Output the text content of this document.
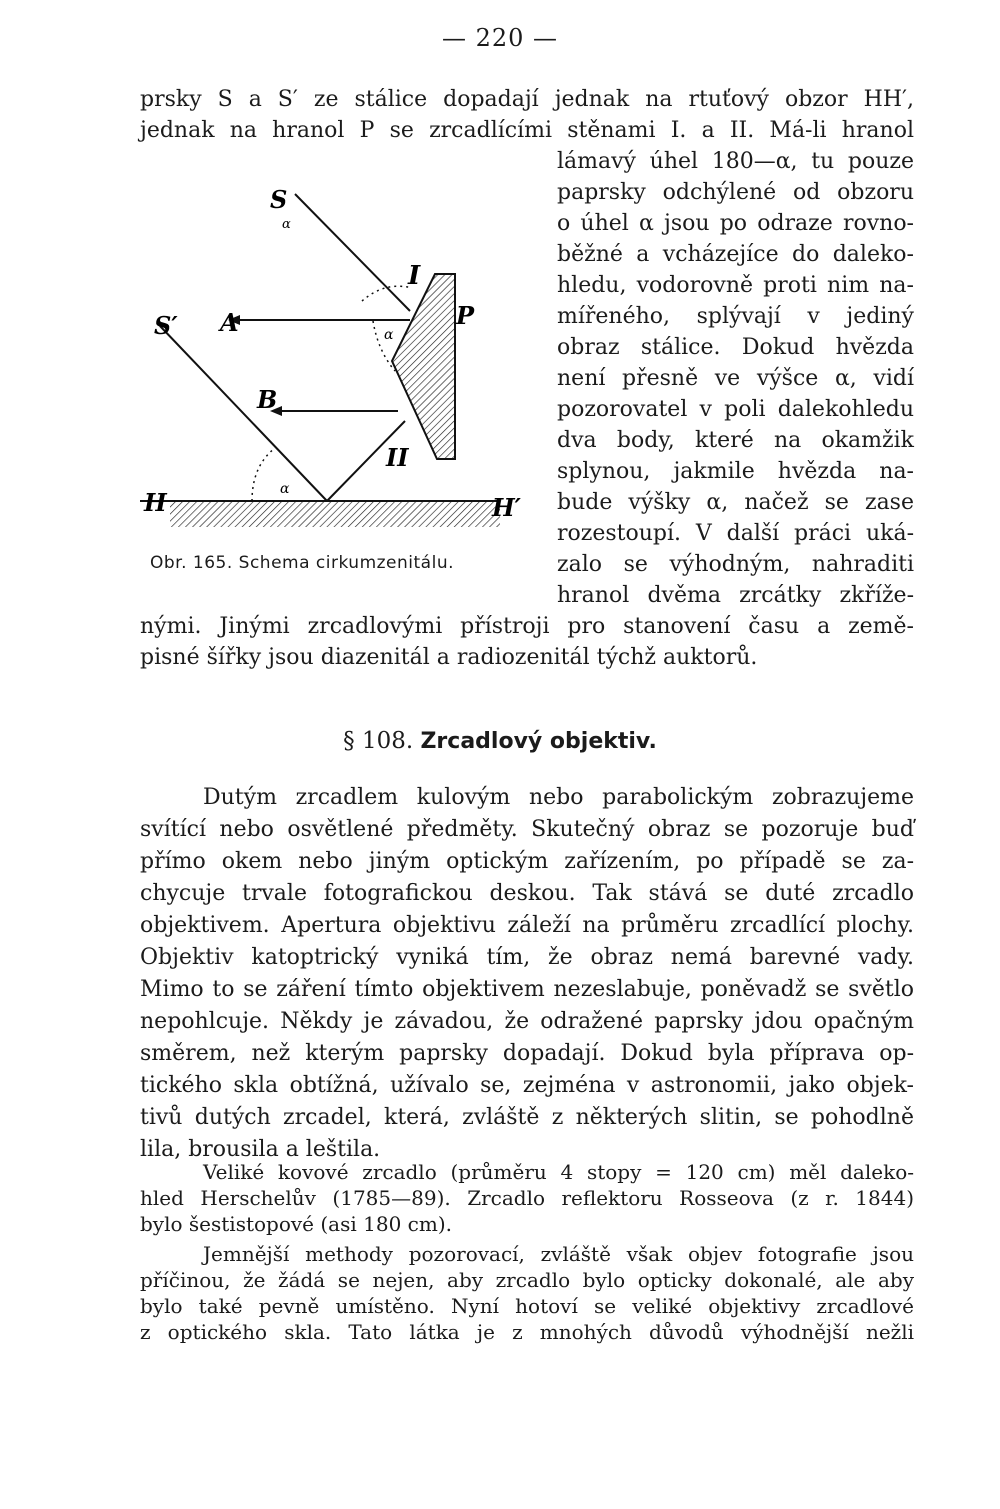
— 220 —
prsky S a S′ ze stálice dopadají jednak na rtuťový obzor HH′,
jednak na hranol P se zrcadlícími stěnami I. a II. Má-li hranol
lámavý úhel 180—α, tu pouze
paprsky odchýlené od obzoru
o úhel α jsou po odraze rovno-
běžné a vcházejíce do daleko-
hledu, vodorovně proti nim na-
mířeného, splývají v jediný
obraz stálice. Dokud hvězda
není přesně ve výšce α, vidí
pozorovatel v poli dalekohledu
dva body, které na okamžik
splynou, jakmile hvězda na-
bude výšky α, načež se zase
rozestoupí. V další práci uká-
zalo se výhodným, nahraditi
hranol dvěma zrcátky zkříže-
nými. Jinými zrcadlovými přístroji pro stanovení času a země-
pisné šířky jsou diazenitál a radiozenitál týchž auktorů.
S
α
S′ A
B
I
P
II
α
α
H	H′
Obr. 165. Schema cirkumzenitálu.
§ 108. Zrcadlový objektiv.
Dutým zrcadlem kulovým nebo parabolickým zobrazujeme
svítící nebo osvětlené předměty. Skutečný obraz se pozoruje buď
přímo okem nebo jiným optickým zařízením, po případě se za-
chycuje trvale fotografickou deskou. Tak stává se duté zrcadlo
objektivem. Apertura objektivu záleží na průměru zrcadlící plochy.
Objektiv katoptrický vyniká tím, že obraz nemá barevné vady.
Mimo to se záření tímto objektivem nezeslabuje, poněvadž se světlo
nepohlcuje. Někdy je závadou, že odražené paprsky jdou opačným
směrem, než kterým paprsky dopadají. Dokud byla příprava op-
tického skla obtížná, užívalo se, zejména v astronomii, jako objek-
tivů dutých zrcadel, která, zvláště z některých slitin, se pohodlně
lila, brousila a leštila.
Veliké kovové zrcadlo (průměru 4 stopy = 120 cm) měl daleko-
hled Herschelův (1785—89). Zrcadlo reflektoru Rosseova (z r. 1844)
bylo šestistopové (asi 180 cm).
Jemnější methody pozorovací, zvláště však objev fotografie jsou
příčinou, že žádá se nejen, aby zrcadlo bylo opticky dokonalé, ale aby
bylo také pevně umístěno. Nyní hotoví se veliké objektivy zrcadlové
z optického skla. Tato látka je z mnohých důvodů výhodnější nežli
